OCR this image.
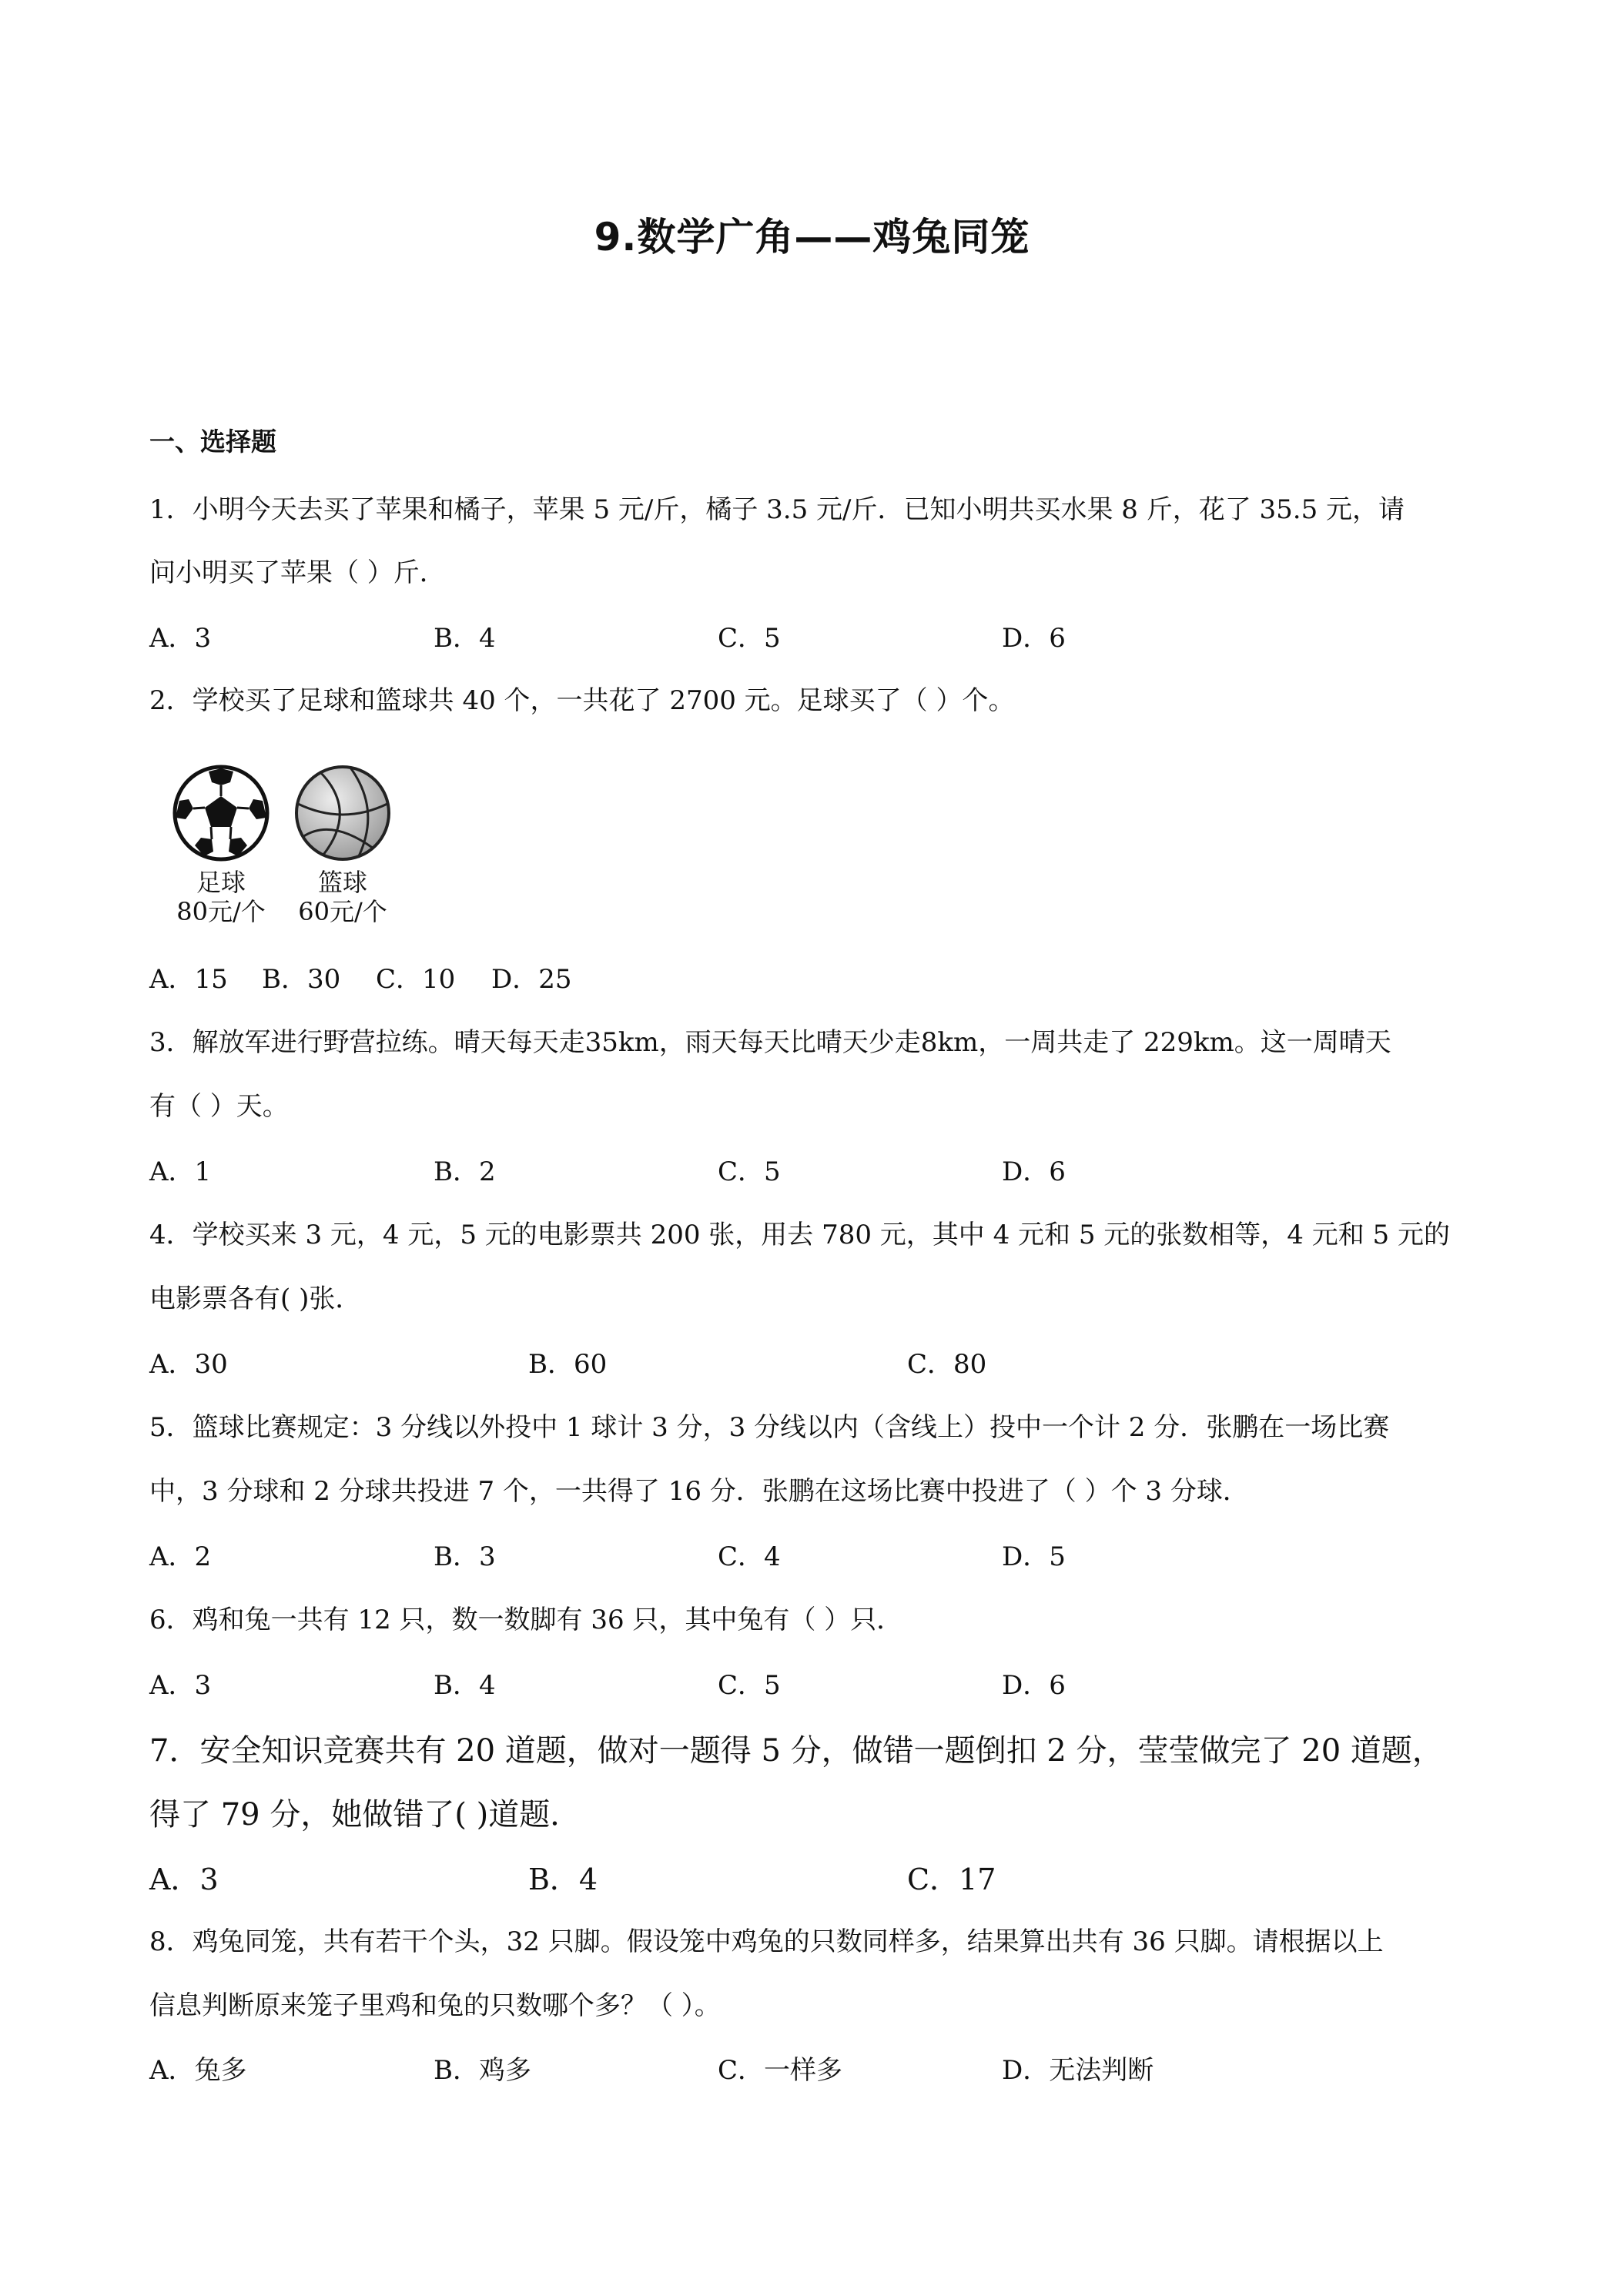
9.数学广角——鸡兔同笼
一、选择题
1．小明今天去买了苹果和橘子，苹果 5 元/斤，橘子 3.5 元/斤．已知小明共买水果 8 斤，花了 35.5 元，请
问小明买了苹果（ ）斤．
A．3	B．4	C．5	D．6
2．学校买了足球和篮球共 40 个，一共花了 2700 元。足球买了（ ）个。
足球
80元/个
篮球
60元/个
A．15 B．30 C．10 D．25
3．解放军进行野营拉练。晴天每天走35km，雨天每天比晴天少走8km，一周共走了 229km。这一周晴天
有（ ）天。
A．1	B．2	C．5	D．6
4．学校买来 3 元，4 元，5 元的电影票共 200 张，用去 780 元，其中 4 元和 5 元的张数相等，4 元和 5 元的
电影票各有( )张．
A．30	B．60	C．80
5．篮球比赛规定：3 分线以外投中 1 球计 3 分，3 分线以内（含线上）投中一个计 2 分．张鹏在一场比赛
中，3 分球和 2 分球共投进 7 个，一共得了 16 分．张鹏在这场比赛中投进了（ ）个 3 分球．
A．2	B．3	C．4	D．5
6．鸡和兔一共有 12 只，数一数脚有 36 只，其中兔有（ ）只．
A．3	B．4	C．5	D．6
7．安全知识竞赛共有 20 道题，做对一题得 5 分，做错一题倒扣 2 分，莹莹做完了 20 道题，
得了 79 分，她做错了( )道题．
A．3	B．4	C．17
8．鸡兔同笼，共有若干个头，32 只脚。假设笼中鸡兔的只数同样多，结果算出共有 36 只脚。请根据以上
信息判断原来笼子里鸡和兔的只数哪个多？（ ）。
A．兔多	B．鸡多	C．一样多	D．无法判断
